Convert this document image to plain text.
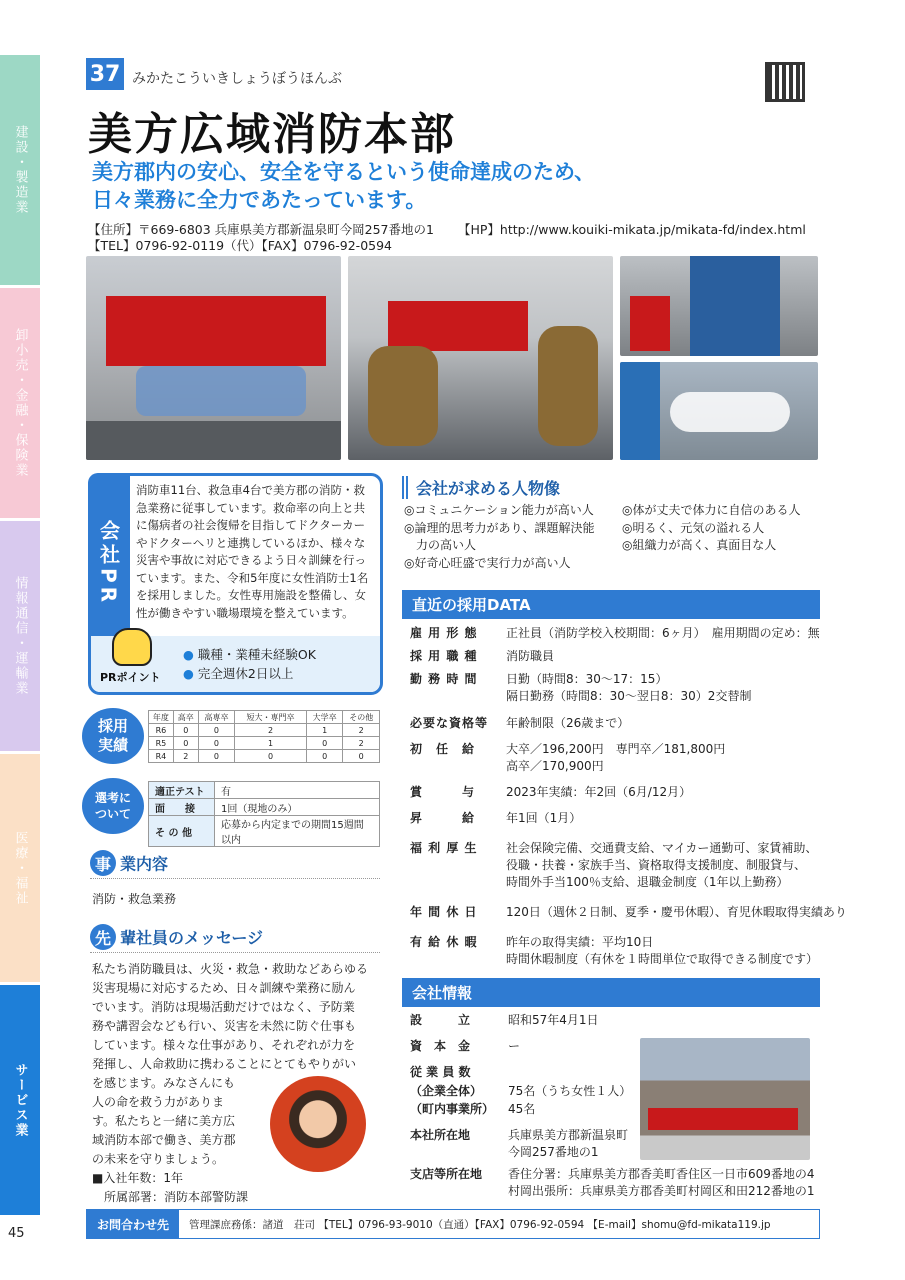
建設・製造業
卸小売・金融・保険業
情報通信・運輸業
医療・福祉
サービス業
45
37 みかたこういきしょうぼうほんぶ
美方広域消防本部
美方郡内の安心、安全を守るという使命達成のため、
日々業務に全力であたっています。
【住所】〒669-6803 兵庫県美方郡新温泉町今岡257番地の1 【HP】http://www.kouiki-mikata.jp/mikata-fd/index.html
【TEL】0796-92-0119（代）【FAX】0796-92-0594
会社PR
消防車11台、救急車4台で美方郡の消防・救急業務に従事しています。救命率の向上と共に傷病者の社会復帰を目指してドクターカーやドクターヘリと連携しているほか、様々な災害や事故に対応できるよう日々訓練を行っています。また、令和5年度に女性消防士1名を採用しました。女性専用施設を整備し、女性が働きやすい職場環境を整えています。
PRポイント
● 職種・業種未経験OK
● 完全週休2日以上
採用実績
年度	高卒	高専卒	短大・専門卒	大学卒	その他
R6	0	0	2	1	2
R5	0	0	1	0	2
R4	2	0	0	0	0
選考について
適正テスト	有
面　　接	1回（現地のみ）
そ の 他	応募から内定までの期間15週間以内
事 業内容
消防・救急業務
先 輩社員のメッセージ
私たち消防職員は、火災・救急・救助などあらゆる
災害現場に対応するため、日々訓練や業務に励ん
でいます。消防は現場活動だけではなく、予防業
務や講習会なども行い、災害を未然に防ぐ仕事も
しています。様々な仕事があり、それぞれが力を
発揮し、人命救助に携わることにとてもやりがい
を感じます。みなさんにも
人の命を救う力がありま
す。私たちと一緒に美方広
域消防本部で働き、美方郡
の未来を守りましょう。
■入社年数：1年
　所属部署：消防本部警防課
会社が求める人物像
◎コミュニケーション能力が高い人
◎論理的思考力があり、課題解決能
　力の高い人
◎好奇心旺盛で実行力が高い人
◎体が丈夫で体力に自信のある人
◎明るく、元気の溢れる人
◎組織力が高く、真面目な人
直近の採用DATA
雇 用 形 態	正社員（消防学校入校期間：6ヶ月）　雇用期間の定め：無
採 用 職 種	消防職員
勤 務 時 間	日勤（時間8：30〜17：15）
隔日勤務（時間8：30〜翌日8：30）2交替制
必要な資格等	年齢制限（26歳まで）
初　任　給	大卒／196,200円　専門卒／181,800円
高卒／170,900円
賞　　　与	2023年実績：年2回（6月/12月）
昇　　　給	年1回（1月）
福 利 厚 生	社会保険完備、交通費支給、マイカー通勤可、家賃補助、
役職・扶養・家族手当、資格取得支援制度、制服貸与、
時間外手当100％支給、退職金制度（1年以上勤務）
年 間 休 日	120日（週休２日制、夏季・慶弔休暇）、育児休暇取得実績あり
有 給 休 暇	昨年の取得実績：平均10日
時間休暇制度（有休を１時間単位で取得できる制度です）
会社情報
設　　　立	昭和57年4月1日
資　本　金	ー
従 業 員 数
（企業全体）	75名（うち女性１人）
（町内事業所）	45名
本社所在地	兵庫県美方郡新温泉町
今岡257番地の1
支店等所在地	香住分署：兵庫県美方郡香美町香住区一日市609番地の4
村岡出張所：兵庫県美方郡香美町村岡区和田212番地の1
お問合わせ先	管理課庶務係：諸道　荘司 【TEL】0796-93-9010（直通）【FAX】0796-92-0594 【E-mail】shomu@fd-mikata119.jp
